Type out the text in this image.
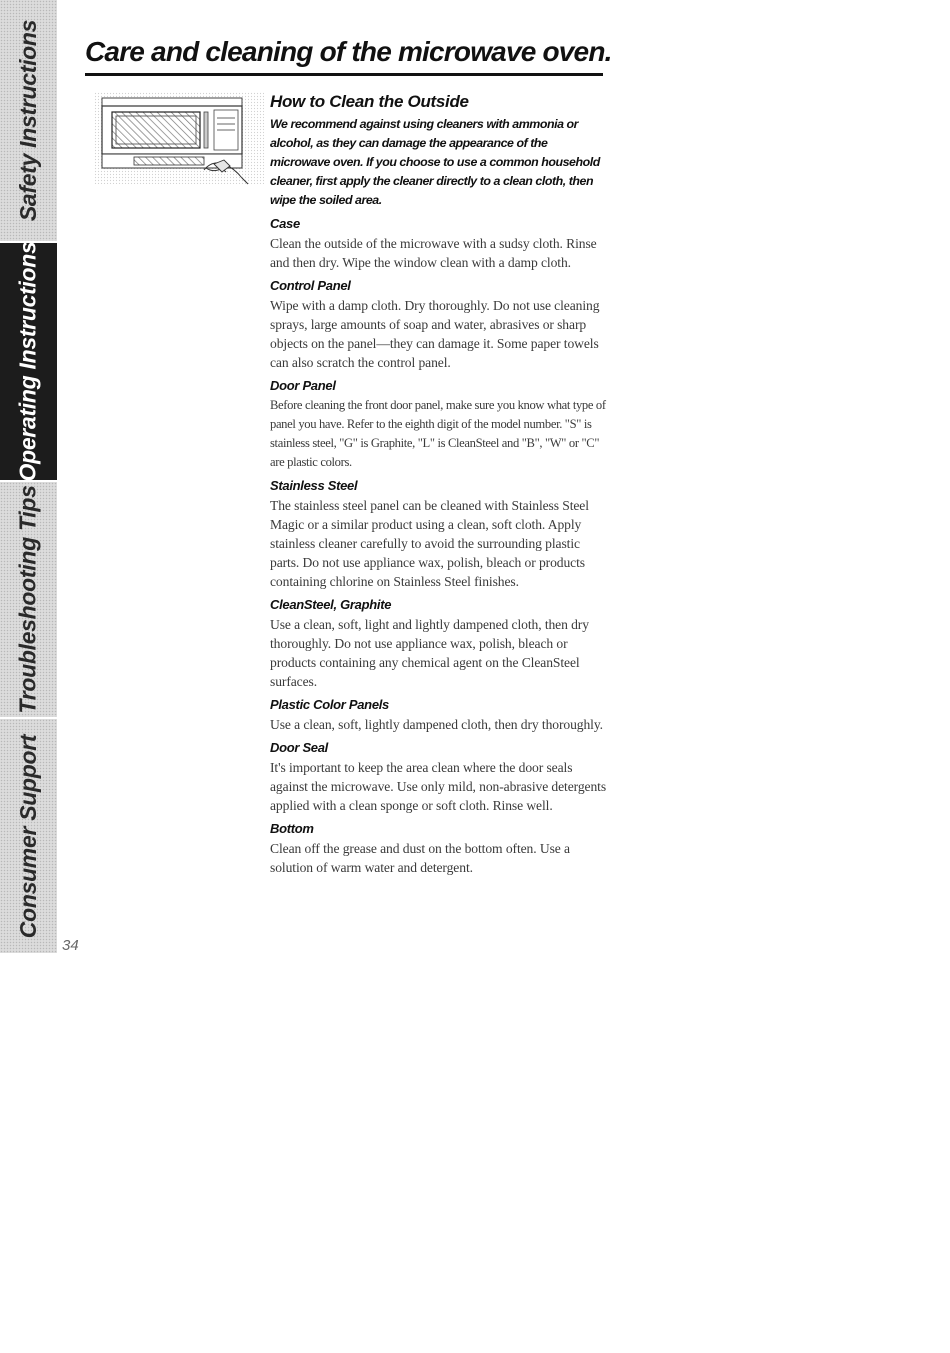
Safety Instructions
Operating Instructions
Troubleshooting Tips
Consumer Support
Care and cleaning of the microwave oven.
How to Clean the Outside

We recommend against using cleaners with ammonia or alcohol, as they can damage the appearance of the microwave oven. If you choose to use a common household cleaner, first apply the cleaner directly to a clean cloth, then wipe the soiled area.

Case

Clean the outside of the microwave with a sudsy cloth. Rinse and then dry. Wipe the window clean with a damp cloth.

Control Panel

Wipe with a damp cloth. Dry thoroughly. Do not use cleaning sprays, large amounts of soap and water, abrasives or sharp objects on the panel—they can damage it. Some paper towels can also scratch the control panel.

Door Panel

Before cleaning the front door panel, make sure you know what type of panel you have. Refer to the eighth digit of the model number. "S" is stainless steel, "G" is Graphite, "L" is CleanSteel and "B", "W" or "C" are plastic colors.

Stainless Steel

The stainless steel panel can be cleaned with Stainless Steel Magic or a similar product using a clean, soft cloth. Apply stainless cleaner carefully to avoid the surrounding plastic parts. Do not use appliance wax, polish, bleach or products containing chlorine on Stainless Steel finishes.

CleanSteel, Graphite

Use a clean, soft, light and lightly dampened cloth, then dry thoroughly. Do not use appliance wax, polish, bleach or products containing any chemical agent on the CleanSteel surfaces.

Plastic Color Panels

Use a clean, soft, lightly dampened cloth, then dry thoroughly.

Door Seal

It's important to keep the area clean where the door seals against the microwave. Use only mild, non-abrasive detergents applied with a clean sponge or soft cloth. Rinse well.

Bottom

Clean off the grease and dust on the bottom often. Use a solution of warm water and detergent.

34
